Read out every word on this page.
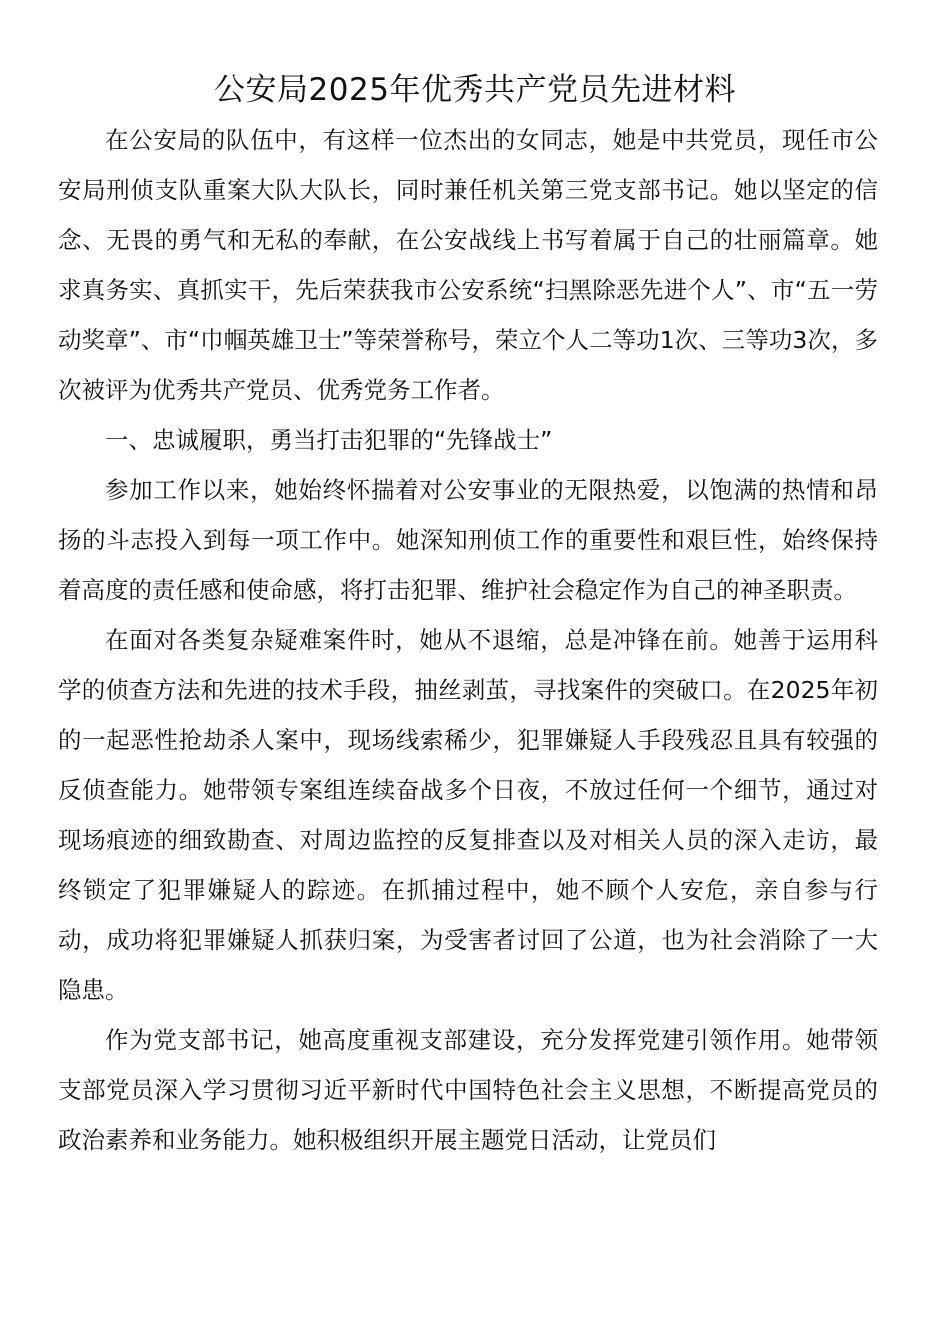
公安局2025年优秀共产党员先进材料

在公安局的队伍中，有这样一位杰出的女同志，她是中共党员，现任市公安局刑侦支队重案大队大队长，同时兼任机关第三党支部书记。她以坚定的信念、无畏的勇气和无私的奉献，在公安战线上书写着属于自己的壮丽篇章。她求真务实、真抓实干，先后荣获我市公安系统“扫黑除恶先进个人”、市“五一劳动奖章”、市“巾帼英雄卫士”等荣誉称号，荣立个人二等功1次、三等功3次，多次被评为优秀共产党员、优秀党务工作者。

一、忠诚履职，勇当打击犯罪的“先锋战士”

参加工作以来，她始终怀揣着对公安事业的无限热爱，以饱满的热情和昂扬的斗志投入到每一项工作中。她深知刑侦工作的重要性和艰巨性，始终保持着高度的责任感和使命感，将打击犯罪、维护社会稳定作为自己的神圣职责。

在面对各类复杂疑难案件时，她从不退缩，总是冲锋在前。她善于运用科学的侦查方法和先进的技术手段，抽丝剥茧，寻找案件的突破口。在2025年初的一起恶性抢劫杀人案中，现场线索稀少，犯罪嫌疑人手段残忍且具有较强的反侦查能力。她带领专案组连续奋战多个日夜，不放过任何一个细节，通过对现场痕迹的细致勘查、对周边监控的反复排查以及对相关人员的深入走访，最终锁定了犯罪嫌疑人的踪迹。在抓捕过程中，她不顾个人安危，亲自参与行动，成功将犯罪嫌疑人抓获归案，为受害者讨回了公道，也为社会消除了一大隐患。

作为党支部书记，她高度重视支部建设，充分发挥党建引领作用。她带领支部党员深入学习贯彻习近平新时代中国特色社会主义思想，不断提高党员的政治素养和业务能力。她积极组织开展主题党日活动，让党员们
